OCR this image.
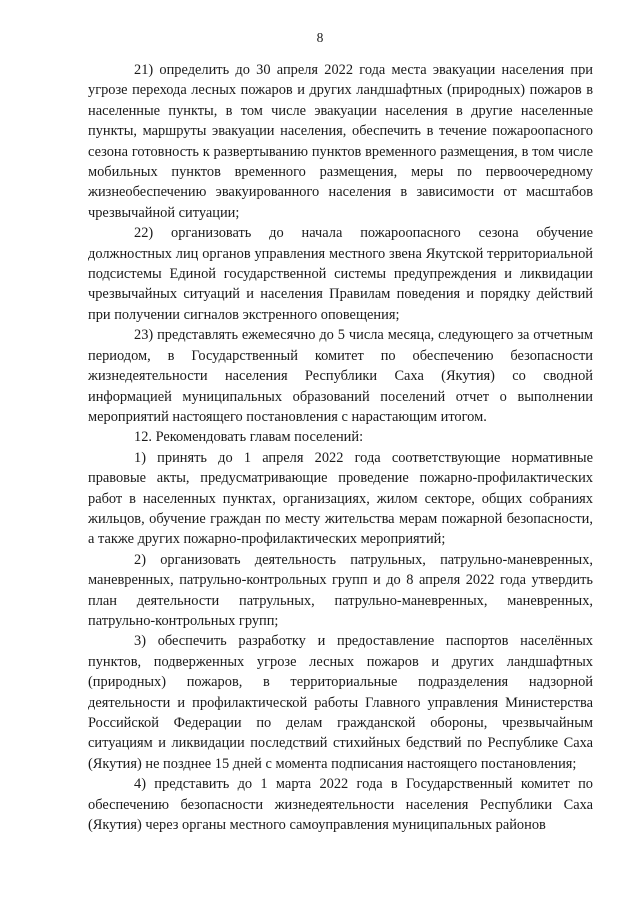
8

21) определить до 30 апреля 2022 года места эвакуации населения при угрозе перехода лесных пожаров и других ландшафтных (природных) пожаров в населенные пункты, в том числе эвакуации населения в другие населенные пункты, маршруты эвакуации населения, обеспечить в течение пожароопасного сезона готовность к развертыванию пунктов временного размещения, в том числе мобильных пунктов временного размещения, меры по первоочередному жизнеобеспечению эвакуированного населения в зависимости от масштабов чрезвычайной ситуации;

22) организовать до начала пожароопасного сезона обучение должностных лиц органов управления местного звена Якутской территориальной подсистемы Единой государственной системы предупреждения и ликвидации чрезвычайных ситуаций и населения Правилам поведения и порядку действий при получении сигналов экстренного оповещения;

23) представлять ежемесячно до 5 числа месяца, следующего за отчетным периодом, в Государственный комитет по обеспечению безопасности жизнедеятельности населения Республики Саха (Якутия) со сводной информацией муниципальных образований поселений отчет о выполнении мероприятий настоящего постановления с нарастающим итогом.

12. Рекомендовать главам поселений:

1) принять до 1 апреля 2022 года соответствующие нормативные правовые акты, предусматривающие проведение пожарно-профилактических работ в населенных пунктах, организациях, жилом секторе, общих собраниях жильцов, обучение граждан по месту жительства мерам пожарной безопасности, а также других пожарно-профилактических мероприятий;

2) организовать деятельность патрульных, патрульно-маневренных, маневренных, патрульно-контрольных групп и до 8 апреля 2022 года утвердить план деятельности патрульных, патрульно-маневренных, маневренных, патрульно-контрольных групп;

3) обеспечить разработку и предоставление паспортов населённых пунктов, подверженных угрозе лесных пожаров и других ландшафтных (природных) пожаров, в территориальные подразделения надзорной деятельности и профилактической работы Главного управления Министерства Российской Федерации по делам гражданской обороны, чрезвычайным ситуациям и ликвидации последствий стихийных бедствий по Республике Саха (Якутия) не позднее 15 дней с момента подписания настоящего постановления;

4) представить до 1 марта 2022 года в Государственный комитет по обеспечению безопасности жизнедеятельности населения Республики Саха (Якутия) через органы местного самоуправления муниципальных районов
